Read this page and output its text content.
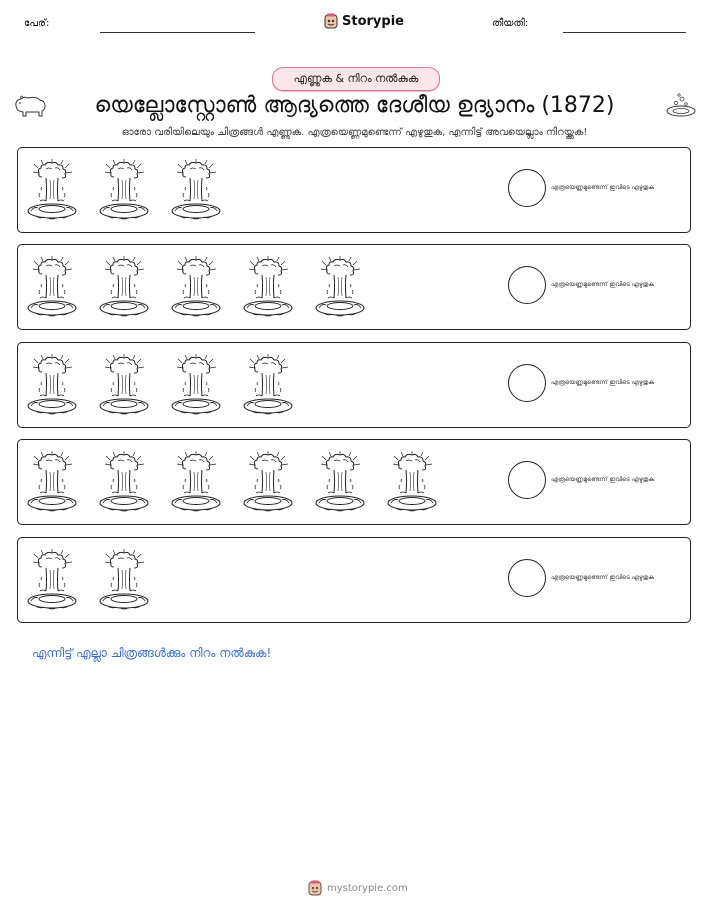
പേര്:	Storypie	തീയതി:
എണ്ണുക & നിറം നൽകുക
യെല്ലോസ്റ്റോൺ ആദ്യത്തെ ദേശീയ ഉദ്യാനം (1872)
ഓരോ വരിയിലെയും ചിത്രങ്ങൾ എണ്ണുക. എത്രയെണ്ണമുണ്ടെന്ന് എഴുതുക, എന്നിട്ട് അവയെല്ലാം നിറയ്ക്കുക!
എത്രയെണ്ണമുണ്ടെന്ന് ഇവിടെ എഴുതുക
എത്രയെണ്ണമുണ്ടെന്ന് ഇവിടെ എഴുതുക
എത്രയെണ്ണമുണ്ടെന്ന് ഇവിടെ എഴുതുക
എത്രയെണ്ണമുണ്ടെന്ന് ഇവിടെ എഴുതുക
എത്രയെണ്ണമുണ്ടെന്ന് ഇവിടെ എഴുതുക
എന്നിട്ട് എല്ലാ ചിത്രങ്ങൾക്കും നിറം നൽകുക!
mystorypie.com
